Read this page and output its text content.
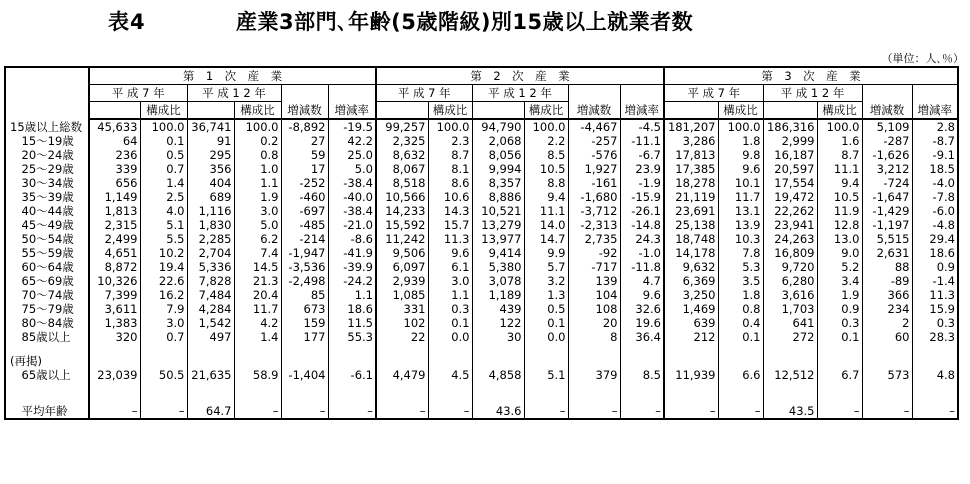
表4	産業3部門､年齢(5歳階級)別15歳以上就業者数
（単位：人､％）
	第　1　次　産　業						第　2　次　産　業						第　3　次　産　業					
	平 成 7 年		平 成 1 2 年				平 成 7 年		平 成 1 2 年				平 成 7 年		平 成 1 2 年			
		構成比		構成比	増減数	増減率		構成比		構成比	増減数	増減率		構成比		構成比	増減数	増減率
15歳以上総数	45,633	100.0	36,741	100.0	-8,892	-19.5	99,257	100.0	94,790	100.0	-4,467	-4.5	181,207	100.0	186,316	100.0	5,109	2.8
　15～19歳	64	0.1	91	0.2	27	42.2	2,325	2.3	2,068	2.2	-257	-11.1	3,286	1.8	2,999	1.6	-287	-8.7
　20～24歳	236	0.5	295	0.8	59	25.0	8,632	8.7	8,056	8.5	-576	-6.7	17,813	9.8	16,187	8.7	-1,626	-9.1
　25～29歳	339	0.7	356	1.0	17	5.0	8,067	8.1	9,994	10.5	1,927	23.9	17,385	9.6	20,597	11.1	3,212	18.5
　30～34歳	656	1.4	404	1.1	-252	-38.4	8,518	8.6	8,357	8.8	-161	-1.9	18,278	10.1	17,554	9.4	-724	-4.0
　35～39歳	1,149	2.5	689	1.9	-460	-40.0	10,566	10.6	8,886	9.4	-1,680	-15.9	21,119	11.7	19,472	10.5	-1,647	-7.8
　40～44歳	1,813	4.0	1,116	3.0	-697	-38.4	14,233	14.3	10,521	11.1	-3,712	-26.1	23,691	13.1	22,262	11.9	-1,429	-6.0
　45～49歳	2,315	5.1	1,830	5.0	-485	-21.0	15,592	15.7	13,279	14.0	-2,313	-14.8	25,138	13.9	23,941	12.8	-1,197	-4.8
　50～54歳	2,499	5.5	2,285	6.2	-214	-8.6	11,242	11.3	13,977	14.7	2,735	24.3	18,748	10.3	24,263	13.0	5,515	29.4
　55～59歳	4,651	10.2	2,704	7.4	-1,947	-41.9	9,506	9.6	9,414	9.9	-92	-1.0	14,178	7.8	16,809	9.0	2,631	18.6
　60～64歳	8,872	19.4	5,336	14.5	-3,536	-39.9	6,097	6.1	5,380	5.7	-717	-11.8	9,632	5.3	9,720	5.2	88	0.9
　65～69歳	10,326	22.6	7,828	21.3	-2,498	-24.2	2,939	3.0	3,078	3.2	139	4.7	6,369	3.5	6,280	3.4	-89	-1.4
　70～74歳	7,399	16.2	7,484	20.4	85	1.1	1,085	1.1	1,189	1.3	104	9.6	3,250	1.8	3,616	1.9	366	11.3
　75～79歳	3,611	7.9	4,284	11.7	673	18.6	331	0.3	439	0.5	108	32.6	1,469	0.8	1,703	0.9	234	15.9
　80～84歳	1,383	3.0	1,542	4.2	159	11.5	102	0.1	122	0.1	20	19.6	639	0.4	641	0.3	2	0.3
　85歳以上	320	0.7	497	1.4	177	55.3	22	0.0	30	0.0	8	36.4	212	0.1	272	0.1	60	28.3

(再掲)																		
　65歳以上	23,039	50.5	21,635	58.9	-1,404	-6.1	4,479	4.5	4,858	5.1	379	8.5	11,939	6.6	12,512	6.7	573	4.8

　平均年齢	–	–	64.7	–	–	–	–	–	43.6	–	–	–	–	–	43.5	–	–	–
